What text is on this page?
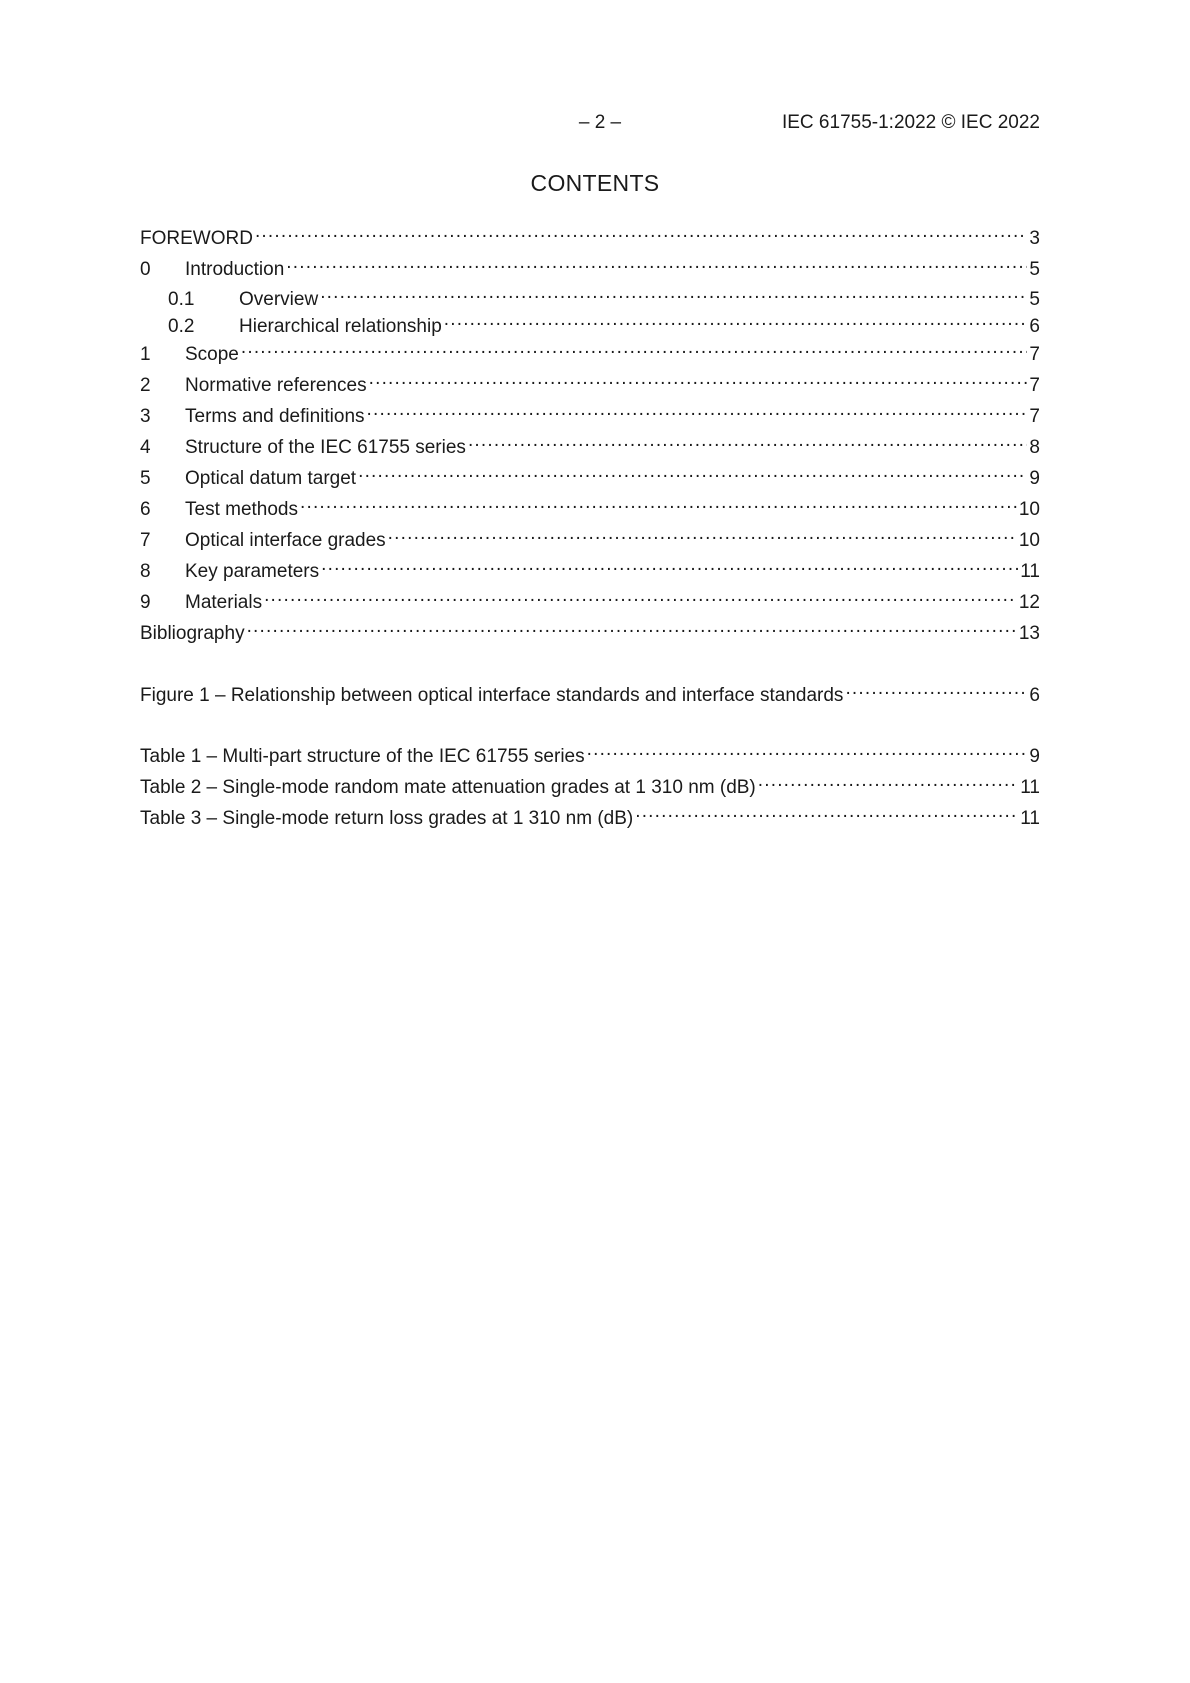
– 2 –	IEC 61755-1:2022 © IEC 2022
CONTENTS
FOREWORD .....	3
0	Introduction .....	5
0.1	Overview .....	5
0.2	Hierarchical relationship .....	6
1	Scope .....	7
2	Normative references .....	7
3	Terms and definitions .....	7
4	Structure of the IEC 61755 series .....	8
5	Optical datum target .....	9
6	Test methods .....	10
7	Optical interface grades .....	10
8	Key parameters .....	11
9	Materials .....	12
Bibliography .....	13
Figure 1 – Relationship between optical interface standards and interface standards .....	6
Table 1 – Multi-part structure of the IEC 61755 series .....	9
Table 2 – Single-mode random mate attenuation grades at 1 310 nm (dB) .....	11
Table 3 – Single-mode return loss grades at 1 310 nm (dB) .....	11
